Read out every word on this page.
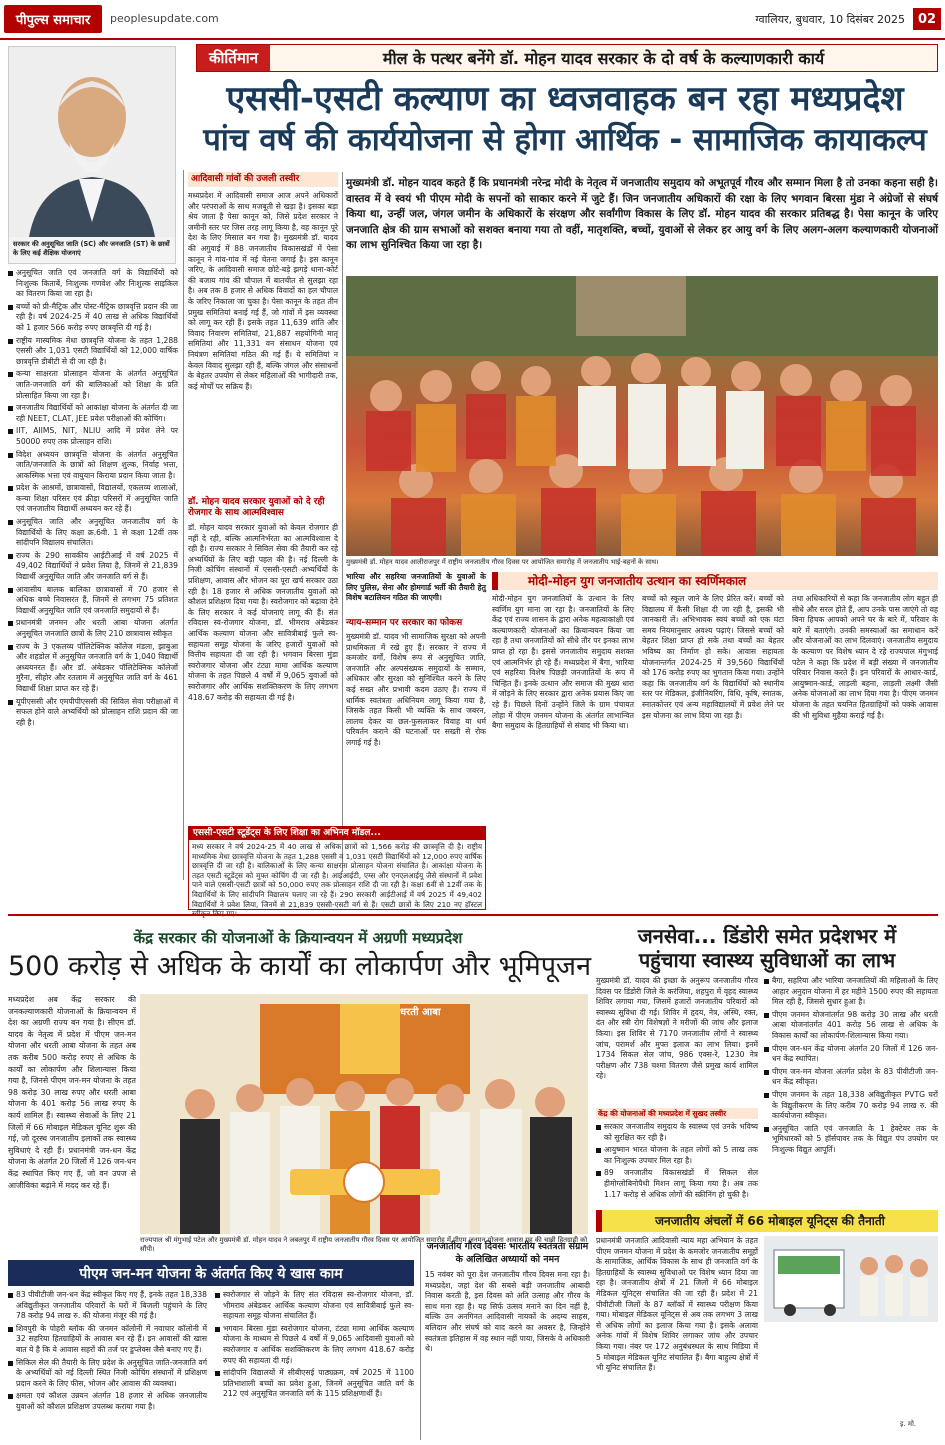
पीपुल्स समाचार	peoplesupdate.com	ग्वालियर, बुधवार, 10 दिसंबर 2025 02
सरकार की अनुसूचित जाति (SC) और जनजाति (ST) के छात्रों के लिए कई शैक्षिक योजनाएं
कीर्तिमान	मील के पत्थर बनेंगे डॉ. मोहन यादव सरकार के दो वर्ष के कल्याणकारी कार्य
एससी-एसटी कल्याण का ध्वजवाहक बन रहा मध्यप्रदेश
पांच वर्ष की कार्ययोजना से होगा आर्थिक - सामाजिक कायाकल्प
अनुसूचित जाति एवं जनजाति वर्ग के विद्यार्थियों को निःशुल्क किताबें, निःशुल्क गणवेश और निःशुल्क साइकिल का वितरण किया जा रहा है।
बच्चों को प्री-मैट्रिक और पोस्ट-मैट्रिक छात्रवृत्ति प्रदान की जा रही है। वर्ष 2024-25 में 40 लाख से अधिक विद्यार्थियों को 1 हजार 566 करोड़ रुपए छात्रवृत्ति दी गई है।
राष्ट्रीय मास्यमिक मेधा छात्रवृत्ति योजना के तहत 1,288 एससी और 1,031 एसटी विद्यार्थियों को 12,000 वार्षिक छात्रवृत्ति डीबीटी से दी जा रही है।
कन्या साक्षरता प्रोत्साहन योजना के अंतर्गत अनुसूचित जाति-जनजाति वर्ग की बालिकाओं को शिक्षा के प्रति प्रोत्साहित किया जा रहा है।
जनजातीय विद्यार्थियों को आकांक्षा योजना के अंतर्गत दी जा रही NEET, CLAT, JEE प्रवेश परीक्षाओं की कोचिंग।
IIT, AIIMS, NIT, NLIU आदि में प्रवेश लेने पर 50000 रुपए तक प्रोत्साहन राशि।
विदेश अध्ययन छात्रवृत्ति योजना के अंतर्गत अनुसूचित जाति/जनजाति के छात्रों को शिक्षण शुल्क, निर्वाह भत्ता, आकस्मिक भत्ता एवं वायुयान किराया प्रदान किया जाता है।
प्रदेश के आश्रमों, छात्रावासों, विद्यालयों, एकलव्य शालाओं, कन्या शिक्षा परिसर एवं क्रीड़ा परिसरों में अनुसूचित जाति एवं जनजातीय विद्यार्थी अध्ययन कर रहे हैं।
अनुसूचित जाति और अनुसूचित जनजातीय वर्ग के विद्यार्थियों के लिए कक्षा क्र.6वी. 1 से कक्षा 12वीं तक सांदीपनि विद्यालय संचालित।
राज्य के 290 सावकीय आईटीआई में वर्ष 2025 में 49,402 विद्यार्थियों ने प्रवेश लिया है, जिनमें से 21,839 विद्यार्थी अनुसूचित जाति और जनजाति वर्ग से हैं।
आवासीय बालक बालिका छात्रावासों में 70 हजार से अधिक बच्चे निवासरत हैं, जिनमें से लगभग 75 प्रतिशत विद्यार्थी अनुसूचित जाति एवं जनजाति समुदायों से हैं।
प्रधानमंत्री जनमन और धरती आबा योजना अंतर्गत अनुसूचित जनजाति छात्रों के लिए 210 छात्रावास स्वीकृत
राज्य के 3 एकलव्य पॉलिटेक्निक कॉलेज मंडला, झाबुआ और शहडोल में अनुसूचित जनजाति वर्ग के 1,040 विद्यार्थी अध्ययनरत हैं। और डॉ. अंबेडकर पॉलिटेक्निक कॉलेजों मुरैना, सीहोर और रतलाम में अनुसूचित जाति वर्ग के 461 विद्यार्थी शिक्षा प्राप्त कर रहे हैं।
यूपीएससी और एमपीपीएससी की सिविल सेवा परीक्षाओं में सफल होने वाले अभ्यर्थियों को प्रोत्साहन राशि प्रदान की जा रही है।
आदिवासी गांवों की उजली तस्वीर
मध्यप्रदेश में आदिवासी समाज आज अपने अधिकारों और परंपराओं के साथ मजबूती से खड़ा है। इसका बड़ा श्रेय जाता है पेसा कानून को, जिसे प्रदेश सरकार ने जमीनी स्तर पर जिस तरह लागू किया है, वह कानून पूरे देश के लिए मिसाल बन गया है। मुख्यमंत्री डॉ. यादव की अगुवाई में 88 जनजातीय विकासखंडों में पेसा कानून ने गांव-गांव में नई चेतना जगाई है। इस कानून जरिए, के आदिवासी समाज छोटे-बड़े झगड़े थाना-कोर्ट की बजाय गांव की चौपाल में बातचीत से सुलझा रहा है। अब तक 8 हजार से अधिक विवादों का हल चौपाल के जरिए निकाला जा चुका है। पेसा कानून के तहत तीन प्रमुख समितियां बनाई गई हैं, जो गांवों में इस व्यवस्था को लागू कर रही हैं। इसके तहत 11,639 शांति और विवाद निवारण समितियां, 21,887 सहयोगिनी मातृ समितियां और 11,331 वन संसाधन योजना एवं नियंत्रण समितियां गठित की गई हैं। ये समितियां न केवल विवाद सुलझा रही हैं, बल्कि जंगल और संसाधनों के बेहतर उपयोग से लेकर महिलाओं की भागीदारी तक, कई मोर्चों पर सक्रिय हैं।
डॉ. मोहन यादव सरकार युवाओं को दे रही रोजगार के साथ आत्मविश्वास
डॉ. मोहन यादव सरकार युवाओं को केवल रोजगार ही नहीं दे रही, बल्कि आत्मनिर्भरता का आत्मविश्वास दे रही है। राज्य सरकार ने सिविल सेवा की तैयारी कर रहे अभ्यर्थियों के लिए बड़ी पहल की है। नई दिल्ली के निजी कोचिंग संस्थानों में एससी-एसटी अभ्यर्थियों के प्रशिक्षण, आवास और भोजन का पूरा खर्च सरकार उठा रही है। 18 हजार से अधिक जनजातीय युवाओं को कौशल प्रशिक्षण दिया गया है। स्वरोजगार को बढ़ावा देने के लिए सरकार ने कई योजनाएं लागू की हैं। संत रविदास स्व-रोजगार योजना, डॉ. भीमराव अंबेडकर आर्थिक कल्याण योजना और सावित्रीबाई फुले स्व-सहायता समूह योजना के जरिए हजारों युवाओं को वित्तीय सहायता दी जा रही है। भगवान बिरसा मुंडा स्वरोजगार योजना और टंट्या मामा आर्थिक कल्याण योजना के तहत पिछले 4 वर्षों में 9,065 युवाओं को स्वरोजगार और आर्थिक सशक्तिकरण के लिए लगभग 418.67 करोड़ की सहायता दी गई है।
मुख्यमंत्री डॉ. मोहन यादव कहते हैं कि प्रधानमंत्री नरेन्द्र मोदी के नेतृत्व में जनजातीय समुदाय को अभूतपूर्व गौरव और सम्मान मिला है तो उनका कहना सही है। वास्तव में वे स्वयं भी पीएम मोदी के सपनों को साकार करने में जुटे हैं। जिन जनजातीय अधिकारों की रक्षा के लिए भगवान बिरसा मुंडा ने अंग्रेजों से संघर्ष किया था, उन्हीं जल, जंगल जमीन के अधिकारों के संरक्षण और सर्वांगीण विकास के लिए डॉ. मोहन यादव की सरकार प्रतिबद्ध है। पेसा कानून के जरिए जनजाति क्षेत्र की ग्राम सभाओं को सशक्त बनाया गया तो वहीं, मातृशक्ति, बच्चों, युवाओं से लेकर हर आयु वर्ग के लिए अलग-अलग कल्याणकारी योजनाओं का लाभ सुनिश्चित किया जा रहा है।
मुख्यमंत्री डॉ. मोहन यादव आलीराजपुर में राष्ट्रीय जनजातीय गौरव दिवस पर आयोजित समारोह में जनजातीय भाई-बहनों के साथ।
भारिया और सहरिया जनजातियों के युवाओं के लिए पुलिस, सेना और होमगार्ड भर्ती की तैयारी हेतु विशेष बटालियन गठित की जाएगी।
न्याय-सम्मान पर सरकार का फोकस
मुख्यमंत्री डॉ. यादव भी सामाजिक सुरक्षा को अपनी प्राथमिकता में रखे हुए हैं। सरकार ने राज्य में कमजोर वर्गों, विशेष रूप से अनुसूचित जाति, जनजाति और अल्पसंख्यक समुदायों के सम्मान, अधिकार और सुरक्षा को सुनिश्चित करने के लिए कई सख्त और प्रभावी कदम उठाए हैं। राज्य में धार्मिक स्वतंत्रता अधिनियम लागू किया गया है, जिसके तहत किसी भी व्यक्ति के साथ जबरन, लालच देकर या छल-फुसलाकर विवाह या धर्म परिवर्तन कराने की घटनाओं पर सख्ती से रोक लगाई गई है।
मोदी-मोहन युग जनजातीय उत्थान का स्वर्णिमकाल
मोदी-मोहन युग जनजातियों के उत्थान के लिए स्वर्णिम युग माना जा रहा है। जनजातियों के लिए केंद्र एवं राज्य शासन के द्वारा अनेक महत्वाकांक्षी एवं कल्याणकारी योजनाओं का क्रियान्वयन किया जा रहा है तथा जनजातियों को सीधे तौर पर इनका लाभ प्राप्त हो रहा है। इससे जनजातीय समुदाय सशक्त एवं आत्मनिर्भर हो रहे हैं। मध्यप्रदेश में बैगा, भारिया एवं सहरिया विशेष पिछड़ी जनजातियों के रूप में चिन्हित हैं। इनके उत्थान और समाज की मुख्य धारा में जोड़ने के लिए सरकार द्वारा अनेक प्रयास किए जा रहे हैं। पिछले दिनों उन्होंने जिले के ग्राम पंचायत लोहा में पीएम जनमन योजना के अंतर्गत लाभान्वित बैगा समुदाय के हितग्राहियों से संवाद भी किया था।
बच्चों को स्कूल जाने के लिए प्रेरित करें। बच्चों को विद्यालय में कैसी शिक्षा दी जा रही है, इसकी भी जानकारी लें। अभिभावक स्वयं बच्चों को एक घंटा समय नियमानुसार अवश्य पढ़ाएं। जिससे बच्चों को बेहतर शिक्षा प्राप्त हो सके तथा बच्चों का बेहतर भविष्य का निर्माण हो सके। आवास सहायता योजनान्तर्गत 2024-25 में 39,560 विद्यार्थियों को 176 करोड़ रुपए का भुगतान किया गया। उन्होंने कहा कि जनजातीय वर्ग के विद्यार्थियों को स्थानीय स्तर पर मेडिकल, इंजीनियरिंग, विधि, कृषि, स्नातक, स्नातकोत्तर एवं अन्य महाविद्यालयों में प्रवेश लेने पर इस योजना का लाभ दिया जा रहा है।
तथा अधिकारियों से कहा कि जनजातीय लोग बहुत ही सीधे और सरल होते हैं, आप उनके पास जाएंगे तो वह बिना हिचक आपको अपने घर के बारे में, परिवार के बारे में बताएंगे। उनकी समस्याओं का समाधान करें और योजनाओं का लाभ दिलवाएं। जनजातीय समुदाय के कल्याण पर विशेष ध्यान दे रहे राज्यपाल मंगुभाई पटेल ने कहा कि प्रदेश में बड़ी संख्या में जनजातीय परिवार निवास करते हैं। इन परिवारों के आधार-कार्ड, आयुष्मान-कार्ड, लाड़ली बहना, लाड़ली लक्ष्मी जैसी अनेक योजनाओं का लाभ दिया गया है। पीएम जनमन योजना के तहत चयनित हितग्राहियों को पक्के आवास की भी सुविधा मुहैया कराई गई है।
एससी-एसटी स्टूडेंट्स के लिए शिक्षा का अभिनव मॉडल...
मध्य सरकार ने वर्ष 2024-25 में 40 लाख से अधिक छात्रों को 1,566 करोड़ की छात्रवृत्ति दी है। राष्ट्रीय माध्यमिक मेधा छात्रवृत्ति योजना के तहत 1,288 एससी व 1,031 एसटी विद्यार्थियों को 12,000 रुपए वार्षिक छात्रवृत्ति दी जा रही है। बालिकाओं के लिए कन्या साक्षरता प्रोत्साहन योजना संचालित है। आकांक्षा योजना के तहत एसटी स्टूडेंट्स को मुफ्त कोचिंग दी जा रही है। आईआईटी, एम्स और एनएलआईयू जैसे संस्थानों में प्रवेश पाने वाले एससी-एसटी छात्रों को 50,000 रुपए तक प्रोत्साहन राशि दी जा रही है। कक्षा 6वीं से 12वीं तक के विद्यार्थियों के लिए सांदीपनि विद्यालय चलाए जा रहे हैं। 290 सरकारी आईटीआई में वर्ष 2025 में 49,402 विद्यार्थियों ने प्रवेश लिया, जिनमें से 21,839 एससी-एसटी वर्ग से हैं। एसटी छात्रों के लिए 210 नए हॉस्टल
केंद्र सरकार की योजनाओं के क्रियान्वयन में अग्रणी मध्यप्रदेश
500 करोड़ से अधिक के कार्यों का लोकार्पण और भूमिपूजन
मध्यप्रदेश अब केंद्र सरकार की जनकल्याणकारी योजनाओं के क्रियान्वयन में देश का अग्रणी राज्य बन गया है। सीएम डॉ. यादव के नेतृत्व में प्रदेश में पीएम जन-मन योजना और धरती आबा योजना के तहत अब तक करीब 500 करोड़ रुपए से अधिक के कार्यों का लोकार्पण और शिलान्यास किया गया है, जिनसे पीएम जन-मन योजना के तहत 98 करोड़ 30 लाख रुपए और धरती आबा योजना के 401 करोड़ 56 लाख रुपए के कार्य शामिल हैं। स्वास्थ्य सेवाओं के लिए 21 जिलों में 66 मोबाइल मेडिकल यूनिट शुरू की गई, जो दूरस्थ जनजातीय इलाकों तक स्वास्थ्य सुविधाएं दे रही हैं। प्रधानमंत्री जन-धन केंद्र योजना के अंतर्गत 20 जिलों में 126 जन-धन केंद्र स्थापित किए गए हैं, जो वन उपज से आजीविका बढ़ाने में मदद कर रहे हैं।
धरती आबा
राज्यपाल श्री मंगुभाई पटेल और मुख्यमंत्री डॉ. मोहन यादव ने जबलपुर में राष्ट्रीय जनजातीय गौरव दिवस पर आयोजित समारोह में पीएम जनमन योजना आवास गृह की चाबी हितग्राही को सौंपी।
जनसेवा... डिंडोरी समेत प्रदेशभर में
पहुंचाया स्वास्थ्य सुविधाओं का लाभ
मुख्यमंत्री डॉ. यादव की इच्छा के अनुरूप जनजातीय गौरव दिवस पर डिंडोरी जिले के करंजिया, शहपुरा में वृहद स्वास्थ्य शिविर लगाया गया, जिसमें हजारों जनजातीय परिवारों को स्वास्थ्य सुविधा दी गई। शिविर में हृदय, नेत्र, अस्थि, रक्त, दंत और स्त्री रोग विशेषज्ञों ने मरीजों की जांच और इलाज किया। इस शिविर से 7170 जनजातीय लोगों ने स्वास्थ्य जांच, परामर्श और मुफ्त इलाज का लाभ लिया। इनमें 1734 सिकल सेल जांच, 986 एक्स-रे, 1230 नेत्र परीक्षण और 738 चश्मा वितरण जैसे प्रमुख कार्य शामिल रहे।
केंद्र की योजनाओं की मध्यप्रदेश में सुखद तस्वीर
सरकार जनजातीय समुदाय के स्वास्थ्य एवं उनके भविष्य को सुरक्षित कर रही है।
आयुष्मान भारत योजना के तहत लोगों को 5 लाख तक का निःशुल्क उपचार मिल रहा है।
89 जनजातीय विकासखंडों में सिकल सेल हीमोग्लोबिनोपैथी मिशन लागू किया गया है। अब तक 1.17 करोड़ से अधिक लोगों की स्क्रीनिंग हो चुकी है।
बैगा, सहरिया और भारिया जनजातियों की महिलाओं के लिए आहार अनुदान योजना में हर महीने 1500 रुपए की सहायता मिल रही है, जिससे सुधार हुआ है।
पीएम जनमन योजनांतर्गत 98 करोड़ 30 लाख और धरती आबा योजनांतर्गत 401 करोड़ 56 लाख से अधिक के विकास कार्यों का लोकार्पण-शिलान्यास किया गया।
पीएम जन-धन केंद्र योजना अंतर्गत 20 जिलों में 126 जन-धन केंद्र स्थापित।
पीएम जन-मन योजना अंतर्गत प्रदेश के 83 पीवीटीजी जन-धन केंद्र स्वीकृत।
पीएम जनमन के तहत 18,338 अविद्युतीकृत PVTG घरों के विद्युतीकरण के लिए करीब 70 करोड़ 94 लाख रु. की कार्ययोजना स्वीकृत।
अनुसूचित जाति एवं जनजाति के 1 हेक्टेयर तक के भूमिधारकों को 5 हॉर्सपावर तक के विद्युत पंप उपयोग पर निःशुल्क विद्युत आपूर्ति।
जनजातीय अंचलों में 66 मोबाइल यूनिट्स की तैनाती
प्रधानमंत्री जनजाति आदिवासी न्याय महा अभियान के तहत पीएम जनमन योजना में प्रदेश के कमजोर जनजातीय समूहों के सामाजिक, आर्थिक विकास के साथ ही जनजाति वर्ग के हितग्राहियों के स्वास्थ्य सुविधाओं पर विशेष ध्यान दिया जा रहा है। जनजातीय क्षेत्रों में 21 जिलों में 66 मोबाइल मेडिकल यूनिट्स संचालित की जा रही हैं। प्रदेश में 21 पीवीटीजी जिलों के 87 ब्लॉकों में स्वास्थ्य परीक्षण किया गया। मोबाइल मेडिकल यूनिट्स से अब तक लगभग 3 लाख से अधिक लोगों का इलाज किया गया है। इसके अलावा अनेक गांवों में विशेष शिविर लगाकर जांच और उपचार किया गया। नंबर पर 172 अनुबंधस्थल के साथ मिडिया में 5 मोबाइल मेडिकल यूनिट संचालित हैं। बैगा बाहुल्य क्षेत्रों में भी यूनिट संचालित हैं।
इ. मो.
पीएम जन-मन योजना के अंतर्गत किए ये खास काम
83 पीवीटीजी जन-धन केंद्र स्वीकृत किए गए हैं, इनके तहत 18,338 अविद्युतीकृत जनजातीय परिवारों के घरों में बिजली पहुंचाने के लिए 78 करोड़ 94 लाख रु. की योजना मंजूर की गई है।
शिवपुरी के पोहरी ब्लॉक की जनमन कॉलोनी में नवाचार कॉलोनी में 32 सहरिया हितग्राहियों के आवास बन रहे हैं। इन आवासों की खास बात ये है कि ये आवास सहरों की तर्ज पर डुप्लेक्स जैसे बनाए गए हैं।
सिकिल सेल की तैयारी के लिए प्रदेश के अनुसूचित जाति-जनजाति वर्ग के अभ्यर्थियों को नई दिल्ली स्थित निजी कोचिंग संस्थानों में प्रशिक्षण प्रदान करने के लिए फीस, भोजन और आवास की व्यवस्था।
क्षमता एवं कौशल उन्नयन अंतर्गत 18 हजार से अधिक जनजातीय युवाओं को कौशल प्रशिक्षण उपलब्ध कराया गया है।
स्वरोजगार से जोड़ने के लिए संत रविदास स्व-रोजगार योजना, डॉ. भीमराव अंबेडकर आर्थिक कल्याण योजना एवं सावित्रीबाई फुले स्व-सहायता समूह योजना संचालित हैं।
भगवान बिरसा मुंडा स्वरोजगार योजना, टंट्या मामा आर्थिक कल्याण योजना के माध्यम से पिछले 4 वर्षों में 9,065 आदिवासी युवाओं को स्वरोजगार व आर्थिक सशक्तिकरण के लिए लगभग 418.67 करोड़ रुपए की सहायता दी गई।
सांदीपनि विद्यालयों में सीबीएसई पाठ्यक्रम, वर्ष 2025 में 1100 प्रतिभाशाली बच्चों का प्रवेश हुआ, जिनमें अनुसूचित जाति वर्ग के 212 एवं अनुसूचित जनजाति वर्ग के 115 प्रशिक्षणार्थी हैं।
जनजातीय गौरव दिवसः भारतीय स्वतंत्रता संग्राम के अलिखित अध्यायों को नमन
15 नवंबर को पूरा देश जनजातीय गौरव दिवस मना रहा है। मध्यप्रदेश, जहां देश की सबसे बड़ी जनजातीय आबादी निवास करती है, इस दिवस को अति उत्साह और गौरव के साथ मना रहा है। यह सिर्फ उत्सव मनाने का दिन नहीं है, बल्कि उन अनगिनत आदिवासी नायकों के अदम्य साहस, बलिदान और संघर्ष को याद करने का अवसर है, जिन्होंने स्वतंत्रता इतिहास में वह स्थान नहीं पाया, जिसके वे अधिकारी थे।
